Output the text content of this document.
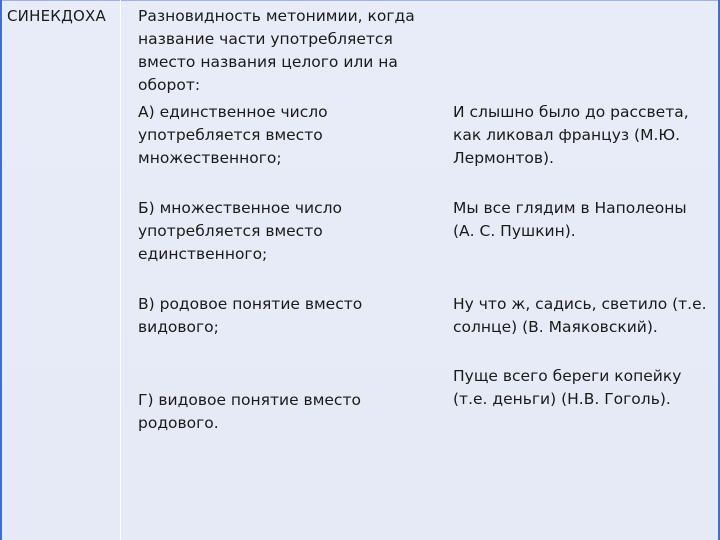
СИНЕКДОХА Разновидность метонимии, когда
название части употребляется
вместо названия целого или на
оборот:
А) единственное число
употребляется вместо
множественного;
И слышно было до рассвета,
как ликовал француз (М.Ю.
Лермонтов).
Б) множественное число
употребляется вместо
единственного;
Мы все глядим в Наполеоны
(А. С. Пушкин).
В) родовое понятие вместо
видового;
Ну что ж, садись, светило (т.е.
солнце) (В. Маяковский).
Г) видовое понятие вместо
родового.
Пуще всего береги копейку
(т.е. деньги) (Н.В. Гоголь).
